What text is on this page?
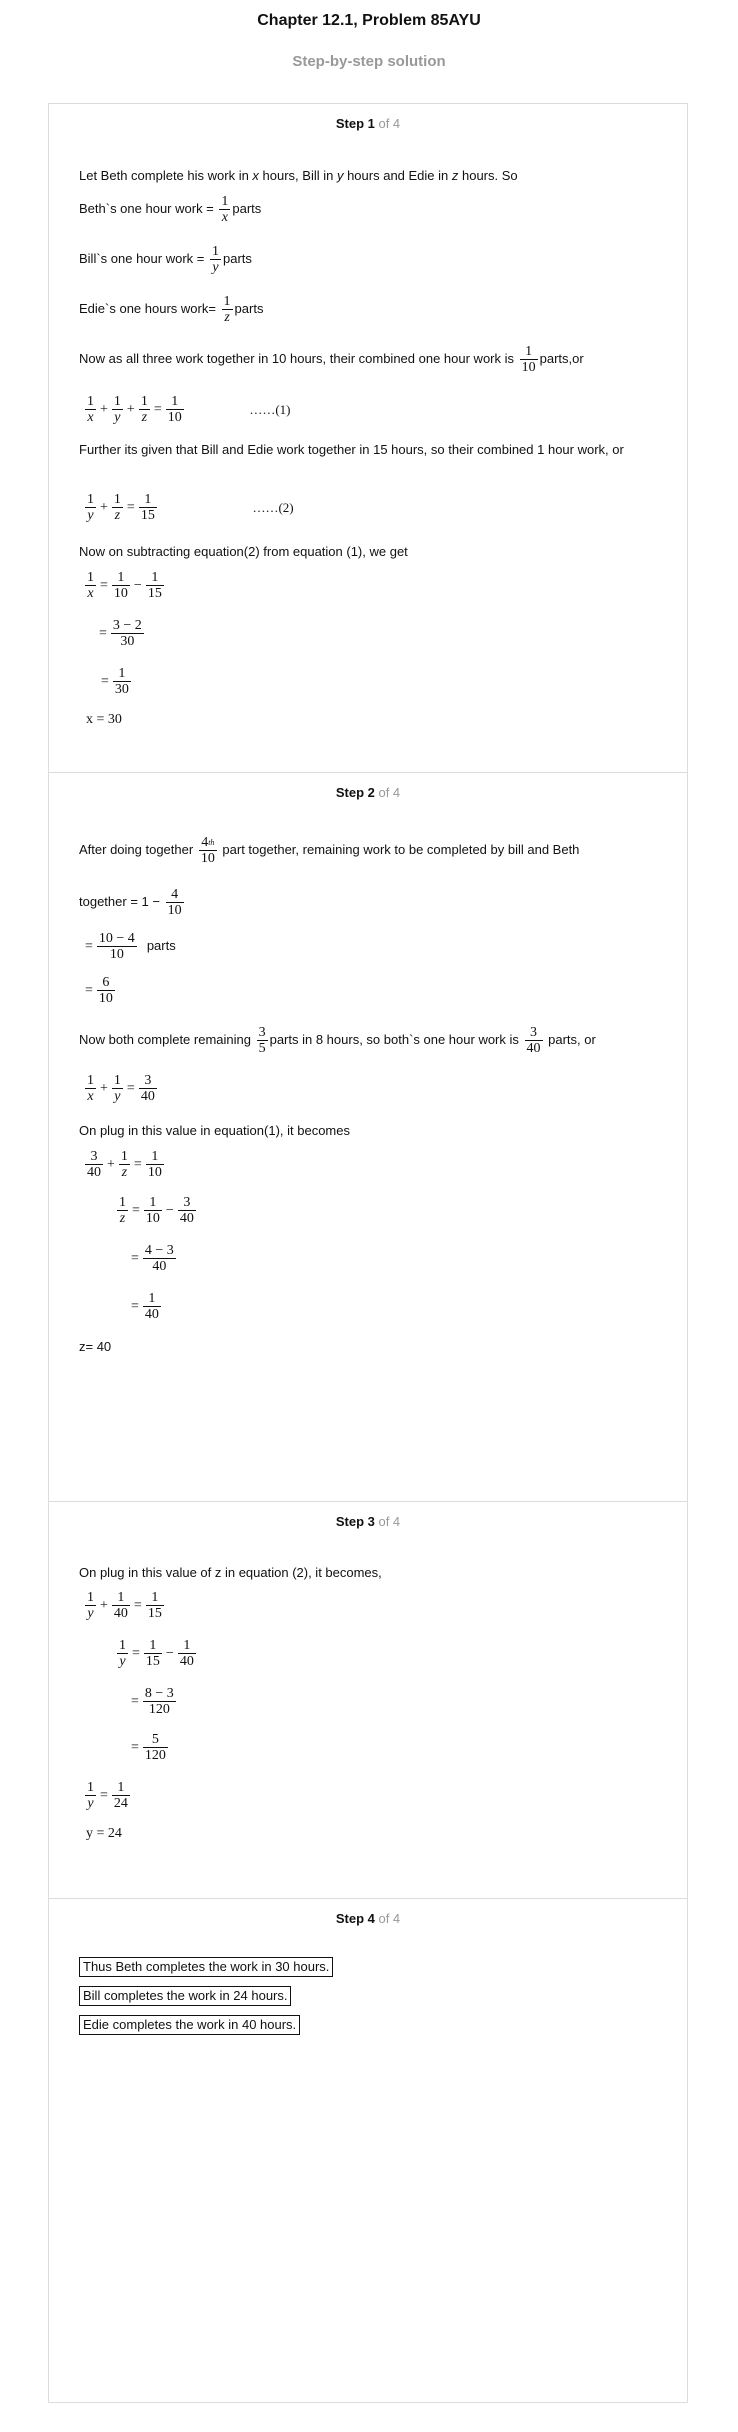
Chapter 12.1, Problem 85AYU
Step-by-step solution
Step 1 of 4
Let Beth complete his work in x hours, Bill in y hours and Edie in z hours. So
Beth`s one hour work = $\frac{1}{x}$ parts
Bill`s one hour work = $\frac{1}{y}$ parts
Edie`s one hours work= $\frac{1}{z}$ parts
Now as all three work together in 10 hours, their combined one hour work is $\frac{1}{10}$ parts,or
$\frac{1}{x} + \frac{1}{y} + \frac{1}{z} = \frac{1}{10}$	……(1)
Further its given that Bill and Edie work together in 15 hours, so their combined 1 hour work, or
$\frac{1}{y} + \frac{1}{z} = \frac{1}{15}$	……(2)
Now on subtracting equation(2) from equation (1), we get
$\frac{1}{x} = \frac{1}{10} - \frac{1}{15}$
= $\frac{3 - 2}{30}$
= $\frac{1}{30}$
x = 30
Step 2 of 4
After doing together $\frac{4^{th}}{10}$ part together, remaining work to be completed by bill and Beth
together = $1 - \frac{4}{10}$
= $\frac{10 - 4}{10}$ parts
= $\frac{6}{10}$
Now both complete remaining $\frac{3}{5}$ parts in 8 hours, so both`s one hour work is $\frac{3}{40}$ parts, or
$\frac{1}{x} + \frac{1}{y} = \frac{3}{40}$
On plug in this value in equation(1), it becomes
$\frac{3}{40} + \frac{1}{z} = \frac{1}{10}$
$\frac{1}{z} = \frac{1}{10} - \frac{3}{40}$
= $\frac{4 - 3}{40}$
= $\frac{1}{40}$
z= 40
Step 3 of 4
On plug in this value of z in equation (2), it becomes,
$\frac{1}{y} + \frac{1}{40} = \frac{1}{15}$
$\frac{1}{y} = \frac{1}{15} - \frac{1}{40}$
= $\frac{8 - 3}{120}$
= $\frac{5}{120}$
$\frac{1}{y} = \frac{1}{24}$
y = 24
Step 4 of 4
Thus Beth completes the work in 30 hours.
Bill completes the work in 24 hours.
Edie completes the work in 40 hours.
